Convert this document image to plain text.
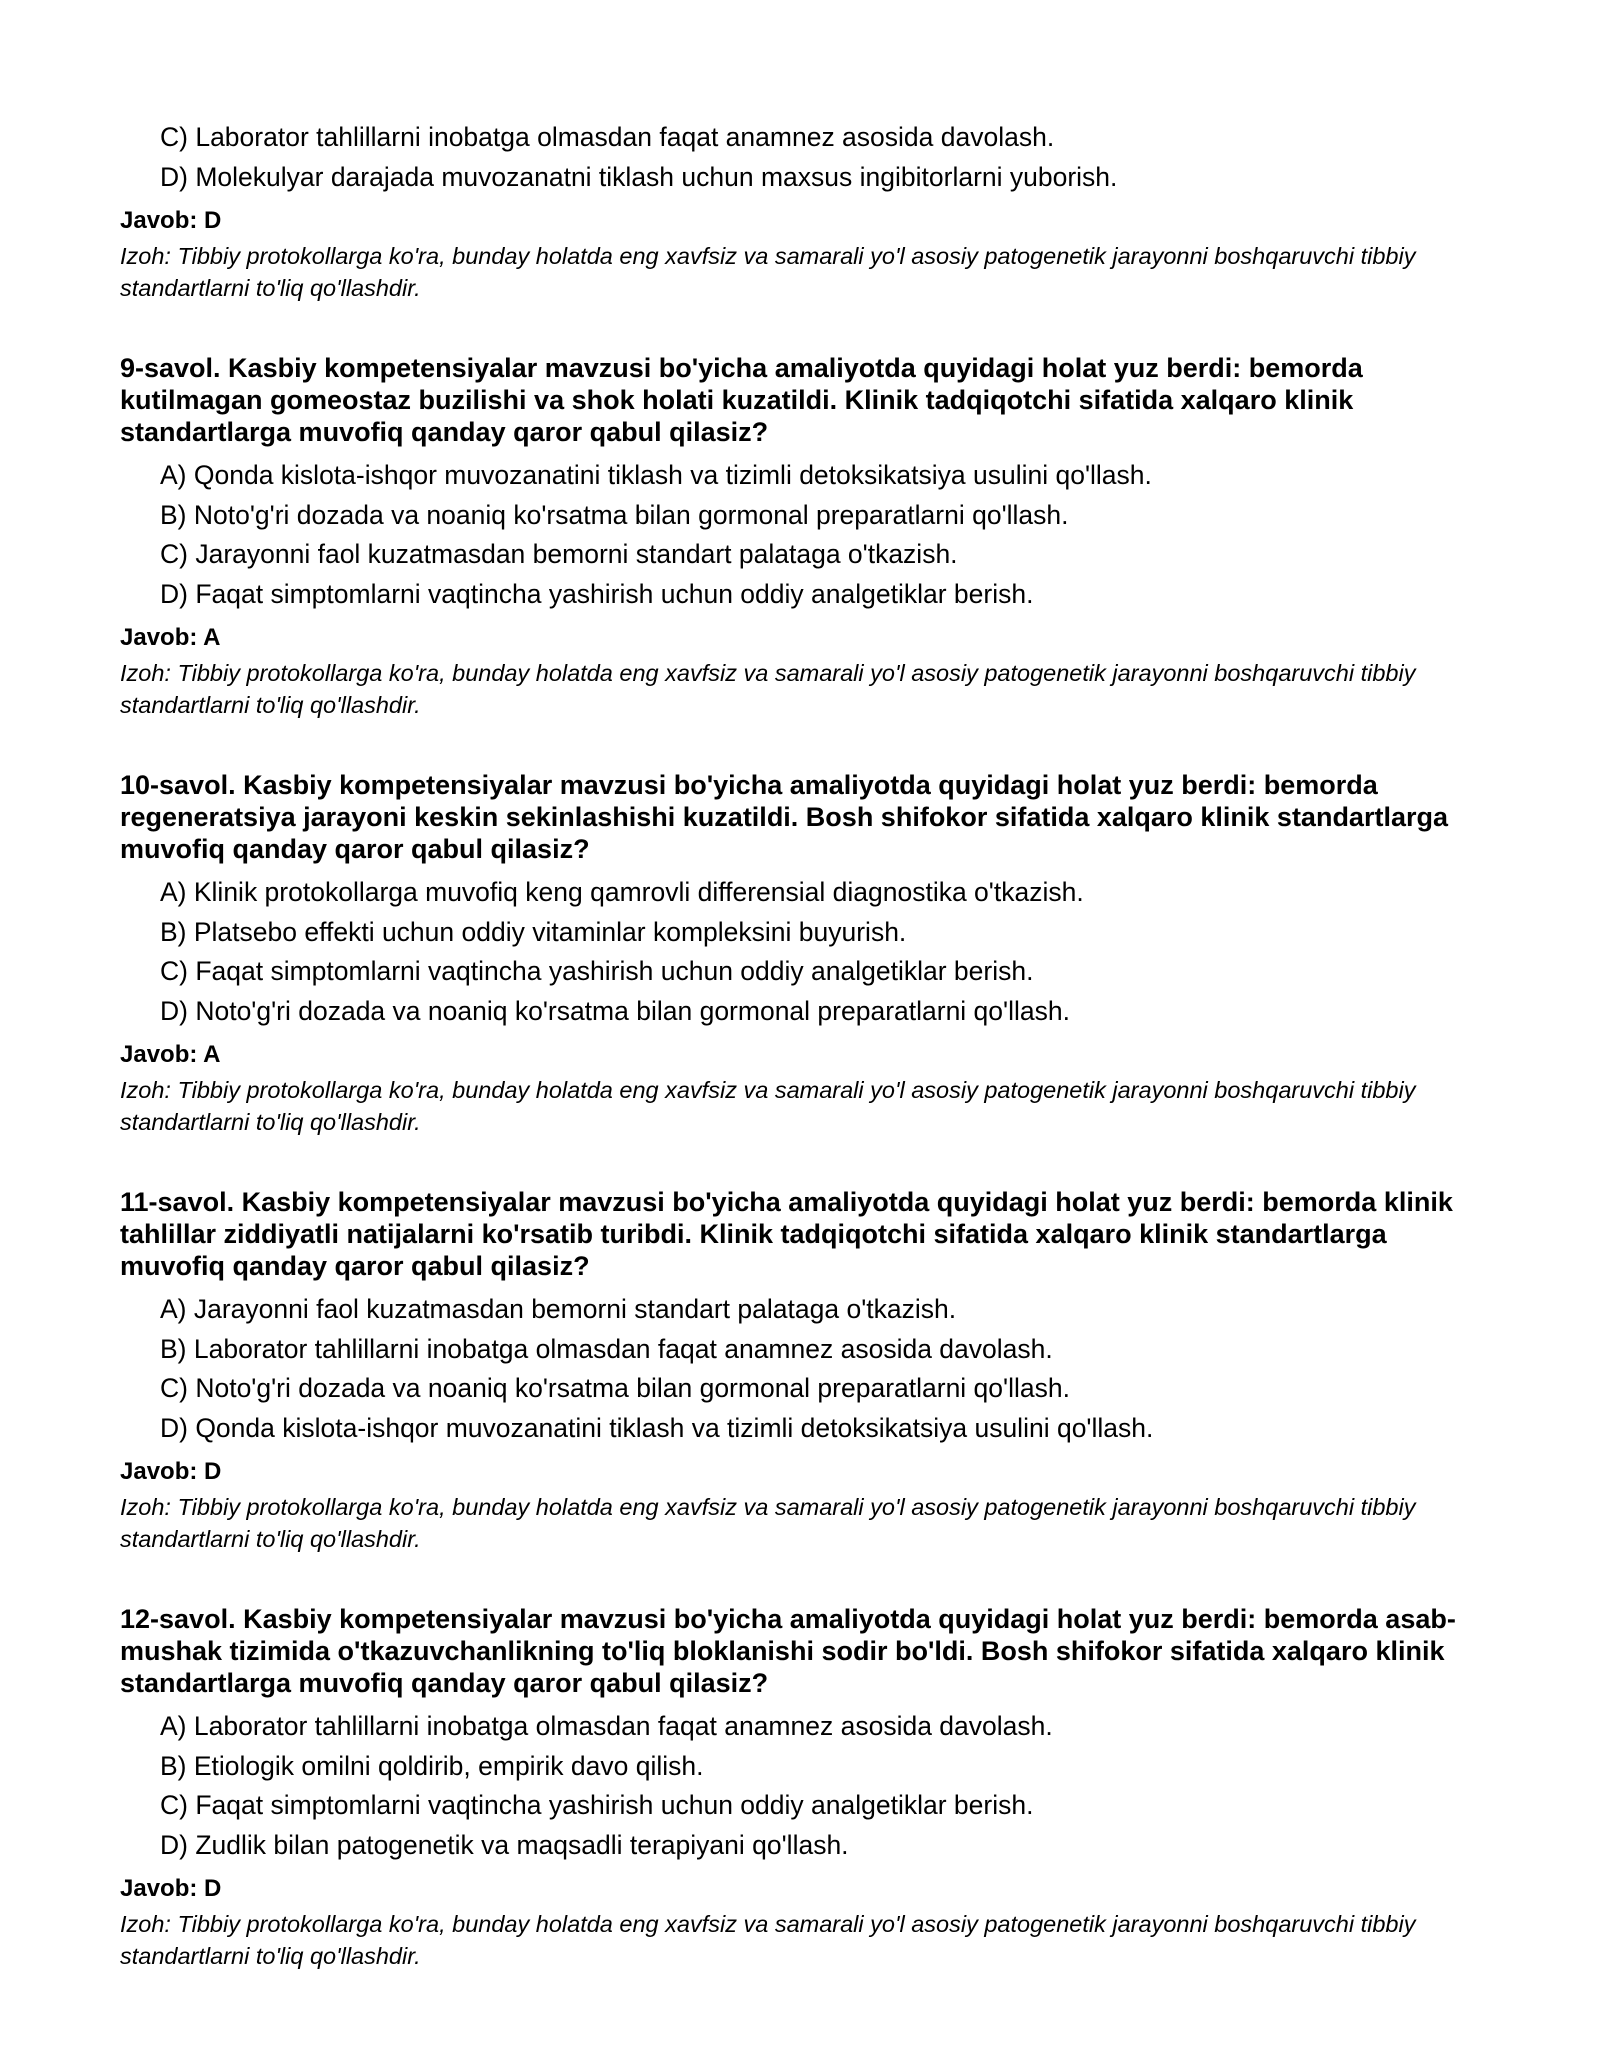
C) Laborator tahlillarni inobatga olmasdan faqat anamnez asosida davolash.
D) Molekulyar darajada muvozanatni tiklash uchun maxsus ingibitorlarni yuborish.
Javob: D
Izoh: Tibbiy protokollarga ko'ra, bunday holatda eng xavfsiz va samarali yo'l asosiy patogenetik jarayonni boshqaruvchi tibbiy standartlarni to'liq qo'llashdir.
9-savol. Kasbiy kompetensiyalar mavzusi bo'yicha amaliyotda quyidagi holat yuz berdi: bemorda kutilmagan gomeostaz buzilishi va shok holati kuzatildi. Klinik tadqiqotchi sifatida xalqaro klinik standartlarga muvofiq qanday qaror qabul qilasiz?
A) Qonda kislota-ishqor muvozanatini tiklash va tizimli detoksikatsiya usulini qo'llash.
B) Noto'g'ri dozada va noaniq ko'rsatma bilan gormonal preparatlarni qo'llash.
C) Jarayonni faol kuzatmasdan bemorni standart palataga o'tkazish.
D) Faqat simptomlarni vaqtincha yashirish uchun oddiy analgetiklar berish.
Javob: A
Izoh: Tibbiy protokollarga ko'ra, bunday holatda eng xavfsiz va samarali yo'l asosiy patogenetik jarayonni boshqaruvchi tibbiy standartlarni to'liq qo'llashdir.
10-savol. Kasbiy kompetensiyalar mavzusi bo'yicha amaliyotda quyidagi holat yuz berdi: bemorda regeneratsiya jarayoni keskin sekinlashishi kuzatildi. Bosh shifokor sifatida xalqaro klinik standartlarga muvofiq qanday qaror qabul qilasiz?
A) Klinik protokollarga muvofiq keng qamrovli differensial diagnostika o'tkazish.
B) Platsebo effekti uchun oddiy vitaminlar kompleksini buyurish.
C) Faqat simptomlarni vaqtincha yashirish uchun oddiy analgetiklar berish.
D) Noto'g'ri dozada va noaniq ko'rsatma bilan gormonal preparatlarni qo'llash.
Javob: A
Izoh: Tibbiy protokollarga ko'ra, bunday holatda eng xavfsiz va samarali yo'l asosiy patogenetik jarayonni boshqaruvchi tibbiy standartlarni to'liq qo'llashdir.
11-savol. Kasbiy kompetensiyalar mavzusi bo'yicha amaliyotda quyidagi holat yuz berdi: bemorda klinik tahlillar ziddiyatli natijalarni ko'rsatib turibdi. Klinik tadqiqotchi sifatida xalqaro klinik standartlarga muvofiq qanday qaror qabul qilasiz?
A) Jarayonni faol kuzatmasdan bemorni standart palataga o'tkazish.
B) Laborator tahlillarni inobatga olmasdan faqat anamnez asosida davolash.
C) Noto'g'ri dozada va noaniq ko'rsatma bilan gormonal preparatlarni qo'llash.
D) Qonda kislota-ishqor muvozanatini tiklash va tizimli detoksikatsiya usulini qo'llash.
Javob: D
Izoh: Tibbiy protokollarga ko'ra, bunday holatda eng xavfsiz va samarali yo'l asosiy patogenetik jarayonni boshqaruvchi tibbiy standartlarni to'liq qo'llashdir.
12-savol. Kasbiy kompetensiyalar mavzusi bo'yicha amaliyotda quyidagi holat yuz berdi: bemorda asab-mushak tizimida o'tkazuvchanlikning to'liq bloklanishi sodir bo'ldi. Bosh shifokor sifatida xalqaro klinik standartlarga muvofiq qanday qaror qabul qilasiz?
A) Laborator tahlillarni inobatga olmasdan faqat anamnez asosida davolash.
B) Etiologik omilni qoldirib, empirik davo qilish.
C) Faqat simptomlarni vaqtincha yashirish uchun oddiy analgetiklar berish.
D) Zudlik bilan patogenetik va maqsadli terapiyani qo'llash.
Javob: D
Izoh: Tibbiy protokollarga ko'ra, bunday holatda eng xavfsiz va samarali yo'l asosiy patogenetik jarayonni boshqaruvchi tibbiy standartlarni to'liq qo'llashdir.
